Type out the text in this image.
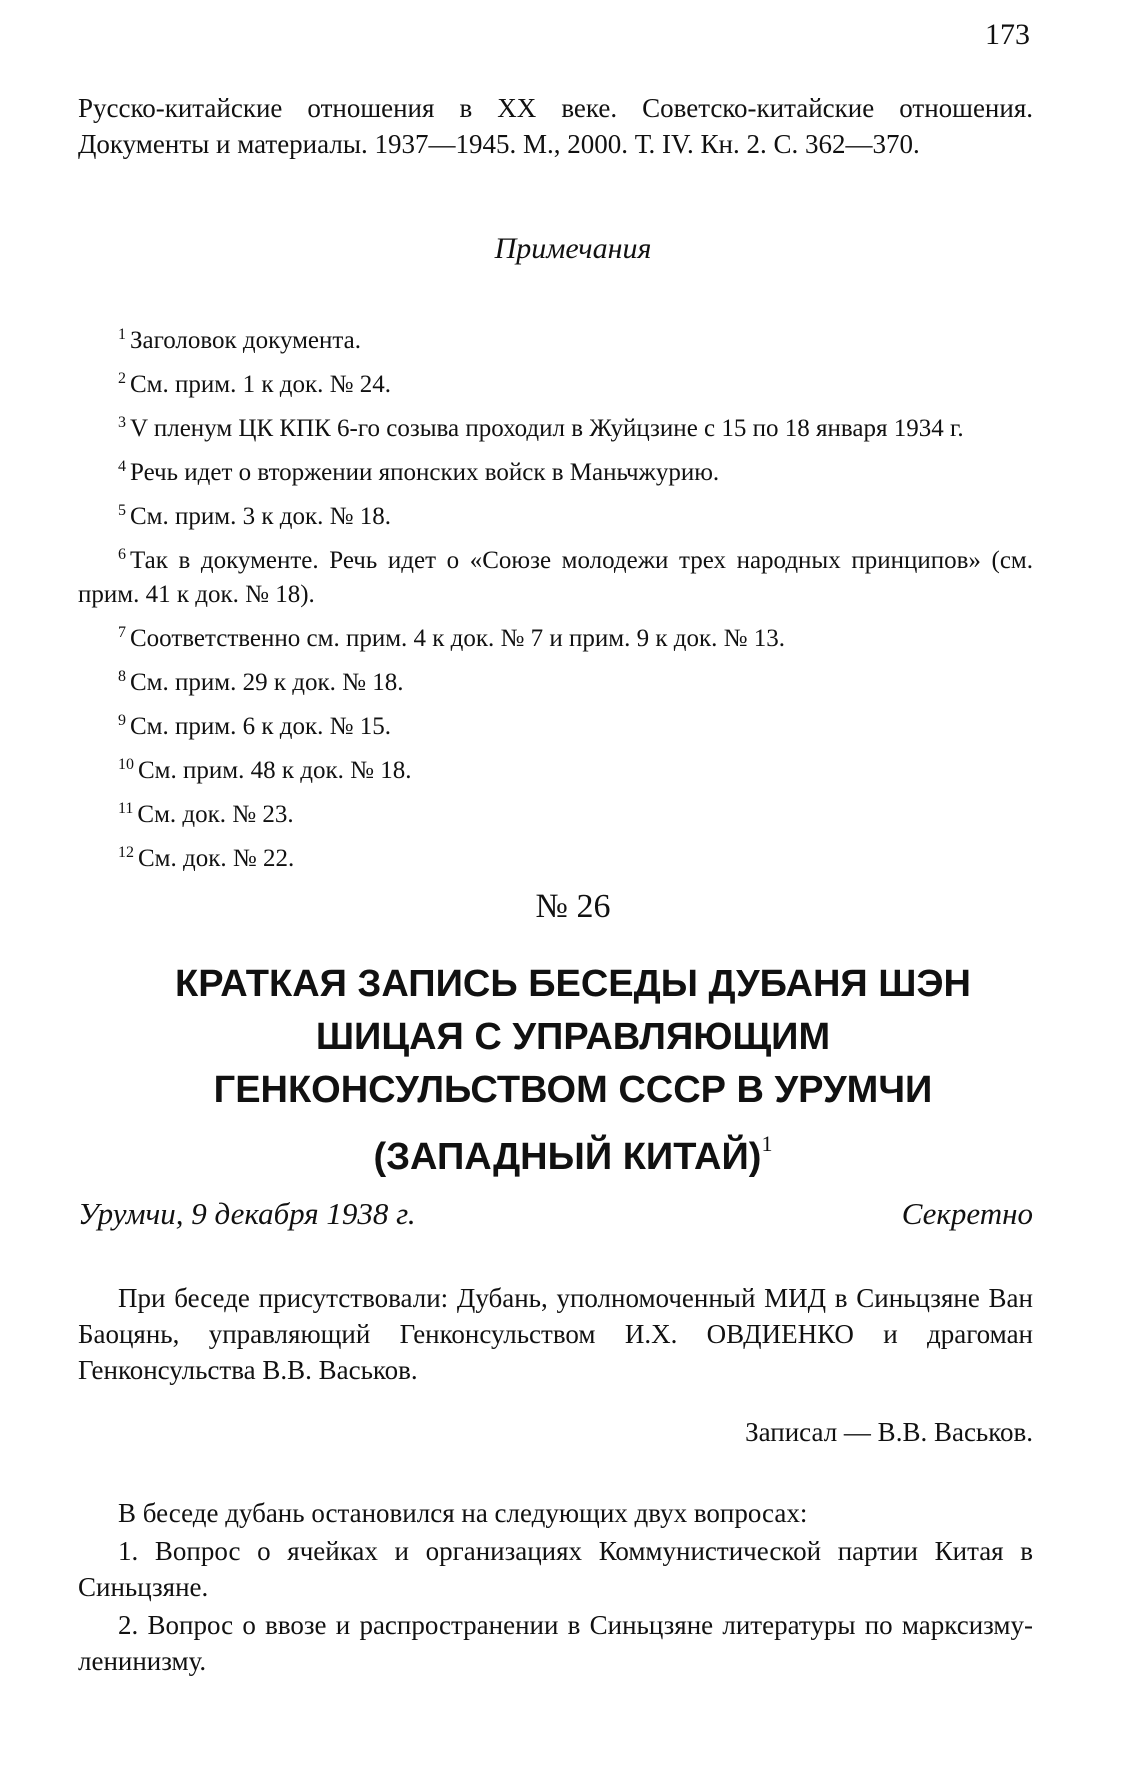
173
Русско-китайские отношения в XX веке. Советско-китайские отношения. Документы и материалы. 1937—1945. М., 2000. Т. IV. Кн. 2. С. 362—370.
Примечания

$^1$ Заголовок документа.

$^2$ См. прим. 1 к док. № 24.

$^3$ V пленум ЦК КПК 6-го созыва проходил в Жуйцзине с 15 по 18 января 1934 г.

$^4$ Речь идет о вторжении японских войск в Маньчжурию.

$^5$ См. прим. 3 к док. № 18.

$^6$ Так в документе. Речь идет о «Союзе молодежи трех народных принципов» (см. прим. 41 к док. № 18).

$^7$ Соответственно см. прим. 4 к док. № 7 и прим. 9 к док. № 13.

$^8$ См. прим. 29 к док. № 18.

$^9$ См. прим. 6 к док. № 15.

$^{10}$ См. прим. 48 к док. № 18.

$^{11}$ См. док. № 23.

$^{12}$ См. док. № 22.

№ 26
КРАТКАЯ ЗАПИСЬ БЕСЕДЫ ДУБАНЯ ШЭН
ШИЦАЯ С УПРАВЛЯЮЩИМ
ГЕНКОНСУЛЬСТВОМ СССР В УРУМЧИ
(ЗАПАДНЫЙ КИТАЙ)$^1$
Урумчи, 9 декабря 1938 г.	Секретно

При беседе присутствовали: Дубань, уполномоченный МИД в Синьцзяне Ван Баоцянь, управляющий Генконсульством И.Х. ОВДИЕНКО и драгоман Генконсульства В.В. Васьков.

Записал — В.В. Васьков.

В беседе дубань остановился на следующих двух вопросах:

1. Вопрос о ячейках и организациях Коммунистической партии Китая в Синьцзяне.

2. Вопрос о ввозе и распространении в Синьцзяне литературы по марксизму-ленинизму.
